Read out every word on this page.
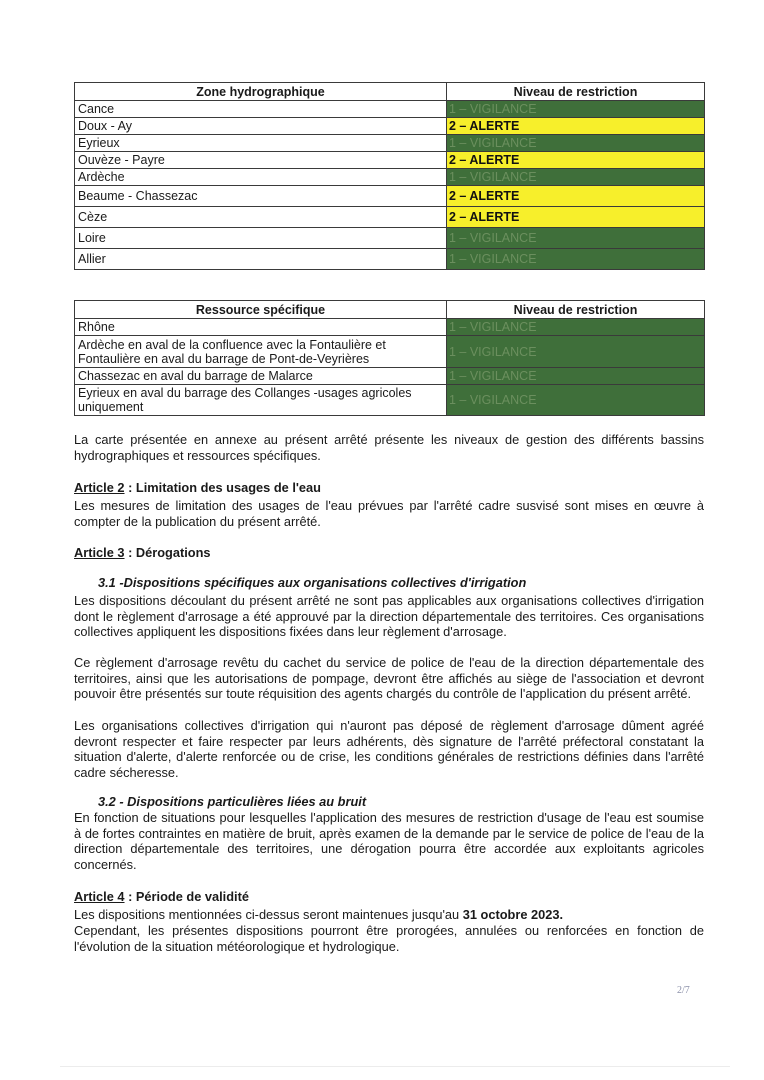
Zone hydrographique	Niveau de restriction
Cance	1 – VIGILANCE
Doux - Ay	2 – ALERTE
Eyrieux	1 – VIGILANCE
Ouvèze - Payre	2 – ALERTE
Ardèche	1 – VIGILANCE
Beaume - Chassezac	2 – ALERTE
Cèze	2 – ALERTE
Loire	1 – VIGILANCE
Allier	1 – VIGILANCE
Ressource spécifique	Niveau de restriction
Rhône	1 – VIGILANCE
Ardèche en aval de la confluence avec la Fontaulière et Fontaulière en aval du barrage de Pont-de-Veyrières	1 – VIGILANCE
Chassezac en aval du barrage de Malarce	1 – VIGILANCE
Eyrieux en aval du barrage des Collanges -usages agricoles uniquement	1 – VIGILANCE
La carte présentée en annexe au présent arrêté présente les niveaux de gestion des différents bassins hydrographiques et ressources spécifiques.
Article 2 : Limitation des usages de l'eau
Les mesures de limitation des usages de l'eau prévues par l'arrêté cadre susvisé sont mises en œuvre à compter de la publication du présent arrêté.
Article 3 : Dérogations
3.1 -Dispositions spécifiques aux organisations collectives d'irrigation
Les dispositions découlant du présent arrêté ne sont pas applicables aux organisations collectives d'irrigation dont le règlement d'arrosage a été approuvé par la direction départementale des territoires. Ces organisations collectives appliquent les dispositions fixées dans leur règlement d'arrosage.
Ce règlement d'arrosage revêtu du cachet du service de police de l'eau de la direction départementale des territoires, ainsi que les autorisations de pompage, devront être affichés au siège de l'association et devront pouvoir être présentés sur toute réquisition des agents chargés du contrôle de l'application du présent arrêté.
Les organisations collectives d'irrigation qui n'auront pas déposé de règlement d'arrosage dûment agréé devront respecter et faire respecter par leurs adhérents, dès signature de l'arrêté préfectoral constatant la situation d'alerte, d'alerte renforcée ou de crise, les conditions générales de restrictions définies dans l'arrêté cadre sécheresse.
3.2 - Dispositions particulières liées au bruit
En fonction de situations pour lesquelles l'application des mesures de restriction d'usage de l'eau est soumise à de fortes contraintes en matière de bruit, après examen de la demande par le service de police de l'eau de la direction départementale des territoires, une dérogation pourra être accordée aux exploitants agricoles concernés.
Article 4 : Période de validité
Les dispositions mentionnées ci-dessus seront maintenues jusqu'au 31 octobre 2023.
Cependant, les présentes dispositions pourront être prorogées, annulées ou renforcées en fonction de l'évolution de la situation météorologique et hydrologique.
2/7
